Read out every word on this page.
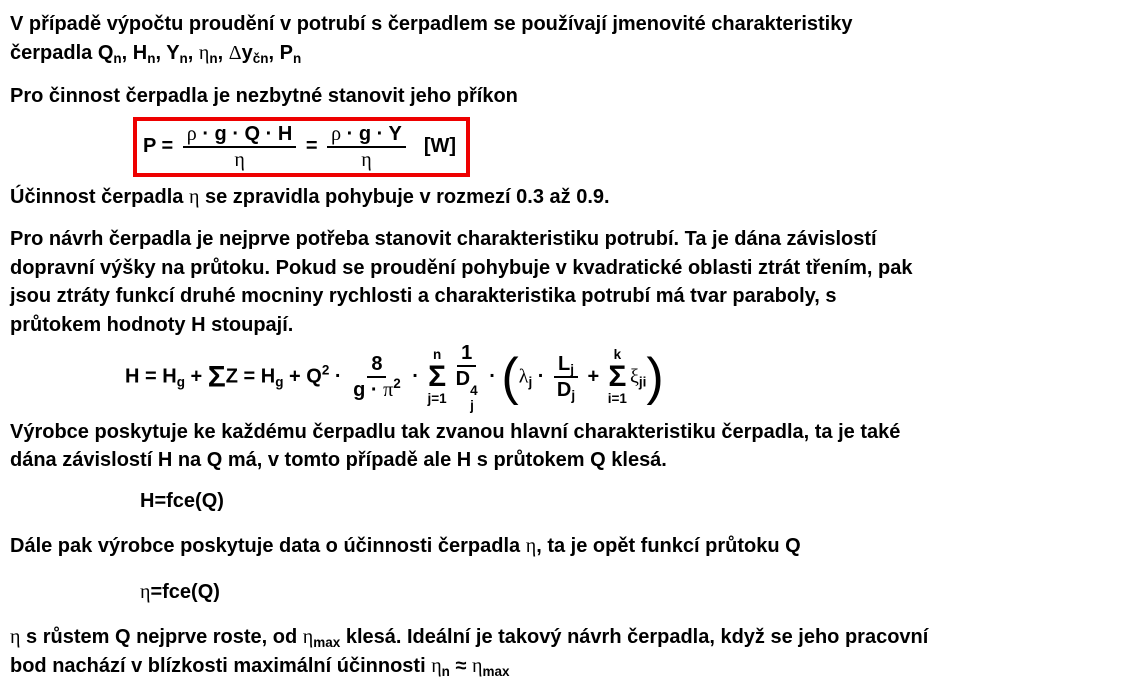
V případě výpočtu proudění v potrubí s čerpadlem se používají jmenovité charakteristiky

čerpadla $Q_n$, $H_n$, $Y_n$, $\eta_n$, $\Delta y_{čn}$, $P_n$

Pro činnost čerpadla je nezbytné stanovit jeho příkon

$P = \frac{\rho \cdot g \cdot Q \cdot H}{\eta} = \frac{\rho \cdot g \cdot Y}{\eta} [W]$

Účinnost čerpadla η se zpravidla pohybuje v rozmezí 0.3 až 0.9.

Pro návrh čerpadla je nejprve potřeba stanovit charakteristiku potrubí. Ta je dána závislostí

dopravní výšky na průtoku. Pokud se proudění pohybuje v kvadratické oblasti ztrát třením, pak

jsou ztráty funkcí druhé mocniny rychlosti a charakteristika potrubí má tvar paraboly, s

průtokem hodnoty H stoupají.

$H = H_g + \Sigma Z = H_g + Q^2 \cdot \frac{8}{g \cdot \pi^2}$ ·
n
Σ
j=1 1
D
4
$j \cdot (\lambda_j \cdot \frac{L_j}{D_j}$ +
k
Σ
i=1
$\xi_{ji}$)

Výrobce poskytuje ke každému čerpadlu tak zvanou hlavní charakteristiku čerpadla, ta je také

dána závislostí H na Q má, v tomto případě ale H s průtokem Q klesá.

H=fce(Q)

Dále pak výrobce poskytuje data o účinnosti čerpadla η, ta je opět funkcí průtoku Q

η=fce(Q)

η s růstem Q nejprve roste, od $\eta_{max}$ klesá. Ideální je takový návrh čerpadla, když se jeho pracovní

bod nachází v blízkosti maximální účinnosti $\eta_n \approx \eta_{max}$
